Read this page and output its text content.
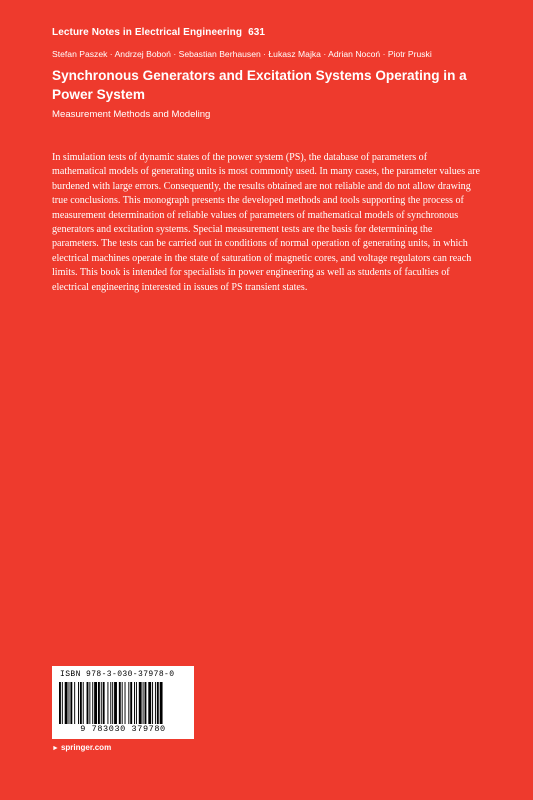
Lecture Notes in Electrical Engineering 631
Stefan Paszek · Andrzej Boboń · Sebastian Berhausen · Łukasz Majka · Adrian Nocoń · Piotr Pruski
Synchronous Generators and Excitation Systems Operating in a Power System
Measurement Methods and Modeling
In simulation tests of dynamic states of the power system (PS), the database of parameters of mathematical models of generating units is most commonly used. In many cases, the parameter values are burdened with large errors. Consequently, the results obtained are not reliable and do not allow drawing true conclusions. This monograph presents the developed methods and tools supporting the process of measurement determination of reliable values of parameters of mathematical models of synchronous generators and excitation systems. Special measurement tests are the basis for determining the parameters. The tests can be carried out in conditions of normal operation of generating units, in which electrical machines operate in the state of saturation of magnetic cores, and voltage regulators can reach limits. This book is intended for specialists in power engineering as well as students of faculties of electrical engineering interested in issues of PS transient states.
ISBN 978-3-030-37978-0
9 783030 379780
► springer.com
